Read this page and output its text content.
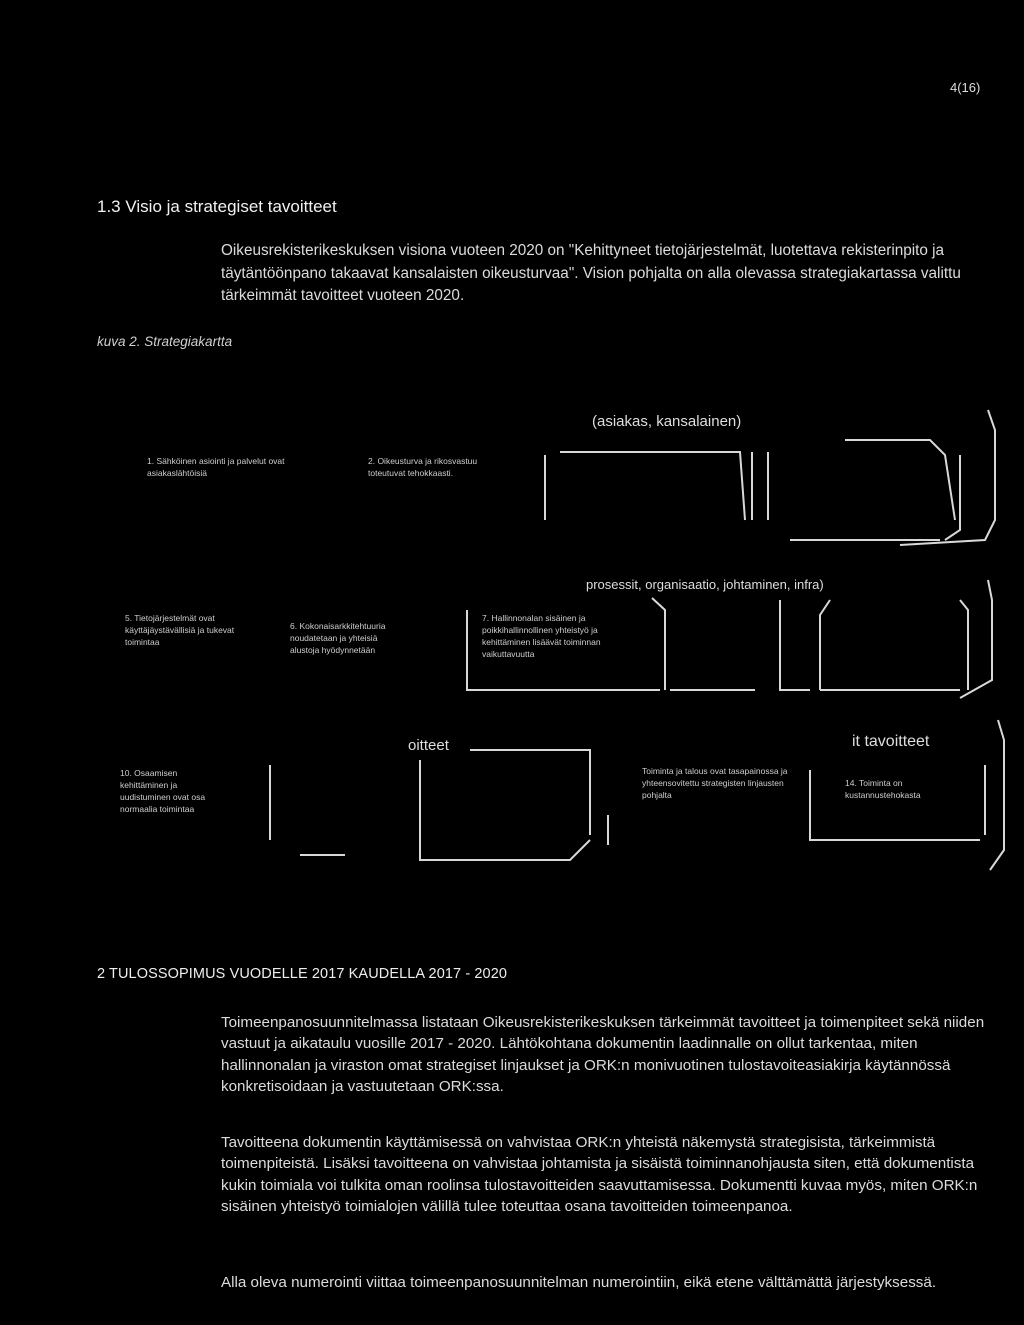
4(16)
1.3 Visio ja strategiset tavoitteet
Oikeusrekisterikeskuksen visiona vuoteen 2020 on "Kehittyneet tietojärjestelmät, luotettava rekisterinpito ja täytäntöönpano takaavat kansalaisten oikeusturvaa". Vision pohjalta on alla olevassa strategiakartassa valittu tärkeimmät tavoitteet vuoteen 2020.
kuva 2. Strategiakartta
(asiakas, kansalainen)
1. Sähköinen asiointi ja palvelut ovat asiakaslähtöisiä
2. Oikeusturva ja rikosvastuu toteutuvat tehokkaasti.
prosessit, organisaatio, johtaminen, infra)
5. Tietojärjestelmät ovat käyttäjäystävällisiä ja tukevat toimintaa
6. Kokonaisarkkitehtuuria noudatetaan ja yhteisiä alustoja hyödynnetään
7. Hallinnonalan sisäinen ja poikkihallinnollinen yhteistyö ja kehittäminen lisäävät toiminnan vaikuttavuutta
oitteet	it tavoitteet
10. Osaamisen kehittäminen ja uudistuminen ovat osa normaalia toimintaa
Toiminta ja talous ovat tasapainossa ja yhteensovitettu strategisten linjausten pohjalta
14. Toiminta on kustannustehokasta
2 TULOSSOPIMUS VUODELLE 2017 KAUDELLA 2017 - 2020

Toimeenpanosuunnitelmassa listataan Oikeusrekisterikeskuksen tärkeimmät tavoitteet ja toimenpiteet sekä niiden vastuut ja aikataulu vuosille 2017 - 2020. Lähtökohtana dokumentin laadinnalle on ollut tarkentaa, miten hallinnonalan ja viraston omat strategiset linjaukset ja ORK:n monivuotinen tulostavoiteasiakirja käytännössä konkretisoidaan ja vastuutetaan ORK:ssa.

Tavoitteena dokumentin käyttämisessä on vahvistaa ORK:n yhteistä näkemystä strategisista, tärkeimmistä toimenpiteistä. Lisäksi tavoitteena on vahvistaa johtamista ja sisäistä toiminnanohjausta siten, että dokumentista kukin toimiala voi tulkita oman roolinsa tulostavoitteiden saavuttamisessa. Dokumentti kuvaa myös, miten ORK:n sisäinen yhteistyö toimialojen välillä tulee toteuttaa osana tavoitteiden toimeenpanoa.

Alla oleva numerointi viittaa toimeenpanosuunnitelman numerointiin, eikä etene välttämättä järjestyksessä.
